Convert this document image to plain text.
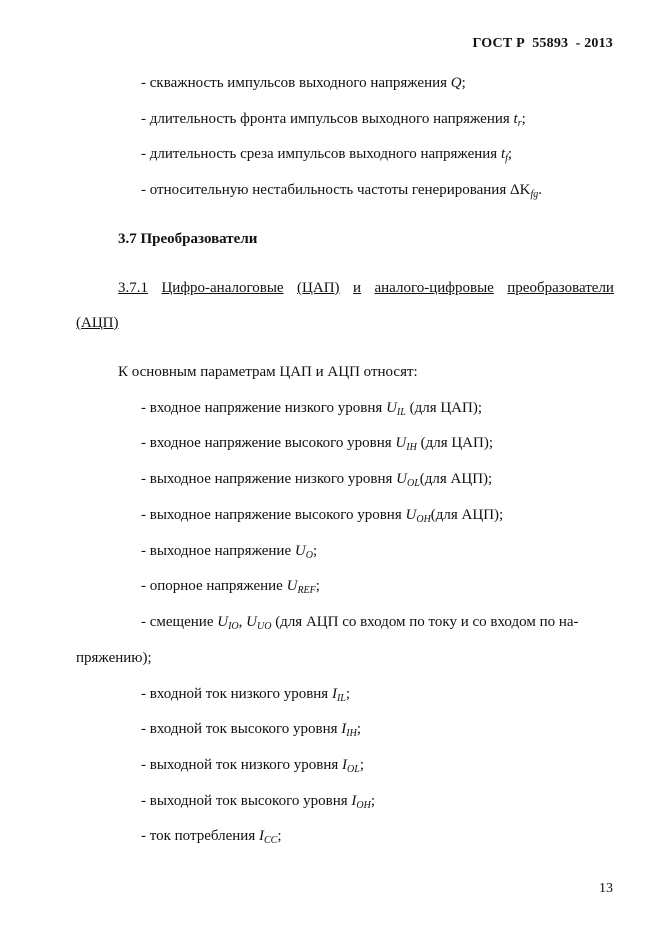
ГОСТ Р  55893  - 2013
- скважность импульсов выходного напряжения Q;
- длительность фронта импульсов выходного напряжения $t_r$;
- длительность среза импульсов выходного напряжения $t_f$;
- относительную нестабильность частоты генерирования $\Delta K_{fg}$.
3.7 Преобразователи
3.7.1 Цифро-аналоговые (ЦАП) и аналого-цифровые преобразователи
(АЦП)
К основным параметрам ЦАП и АЦП относят:
- входное напряжение низкого уровня $U_{IL}$ (для ЦАП);
- входное напряжение высокого уровня $U_{IH}$ (для ЦАП);
- выходное напряжение низкого уровня $U_{OL}(для$ АЦП);
- выходное напряжение высокого уровня $U_{OH}(для$ АЦП);
- выходное напряжение $U_O$;
- опорное напряжение $U_{REF}$;
- смещение $U_{IO}$, $U_{UO}$ (для АЦП со входом по току и со входом по на-
пряжению);
- входной ток низкого уровня $I_{IL}$;
- входной ток высокого уровня $I_{IH}$;
- выходной ток низкого уровня $I_{OL}$;
- выходной ток высокого уровня $I_{OH}$;
- ток потребления $I_{CC}$;
13
